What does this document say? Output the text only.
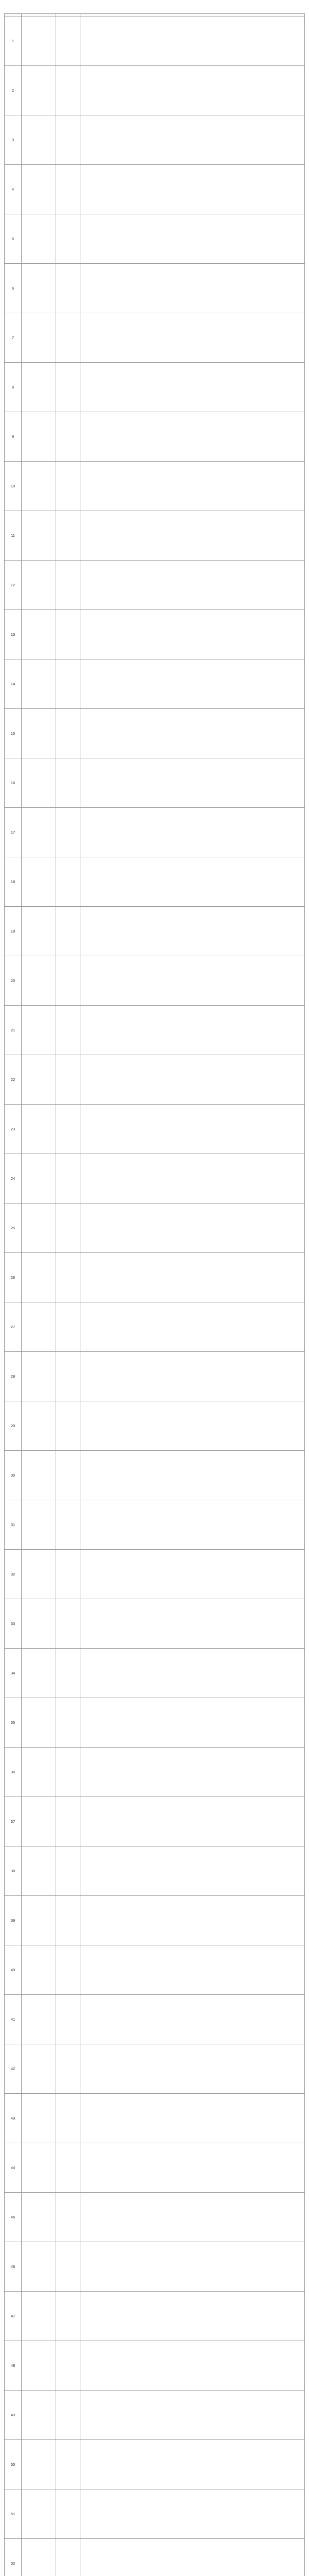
1			
2			
3			
4			
5			
6			
7			
8			
9			
10			
11			
12			
13			
14			
15			
16			
17			
18			
19			
20			
21			
22			
23			
24			
25			
26			
27			
28			
29			
30			
31			
32			
33			
34			
35			
36			
37			
38			
39			
40			
41			
42			
43			
44			
45			
46			
47			
48			
49			
50			
51			
52			
